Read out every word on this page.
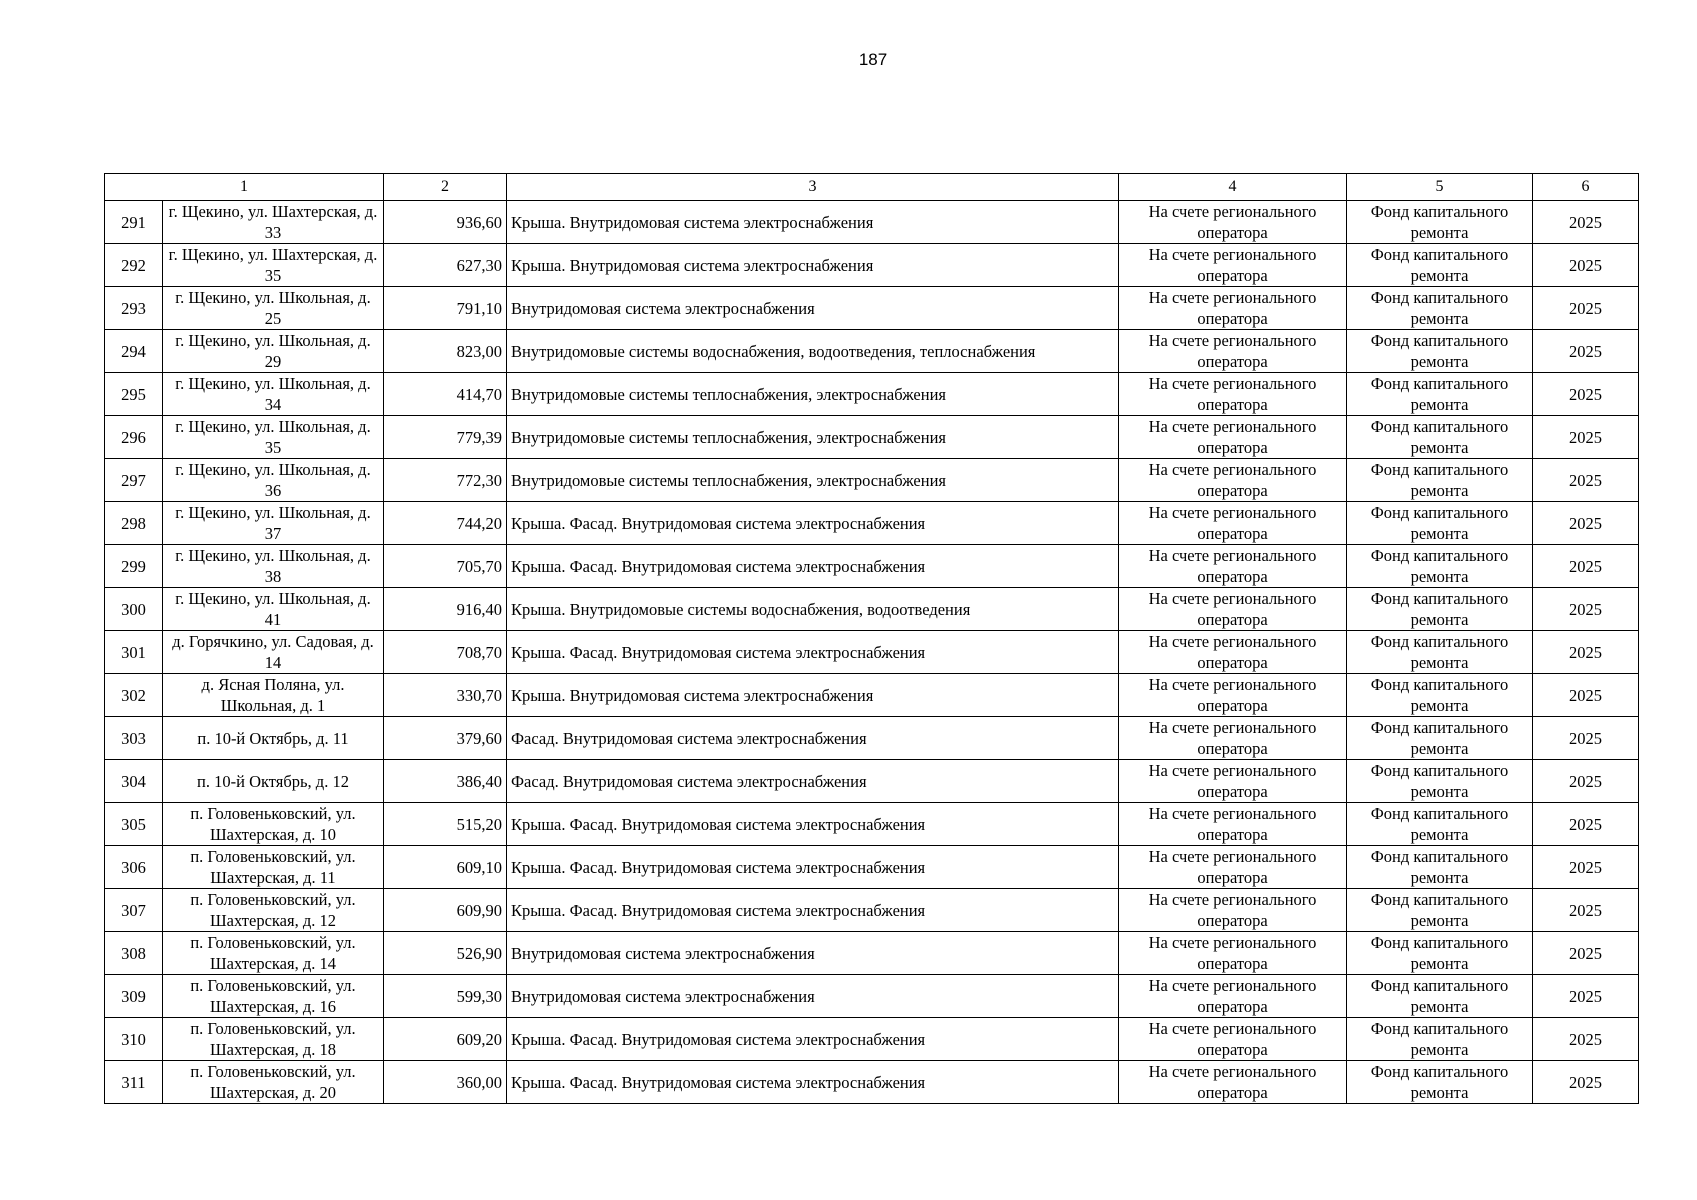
187
1		2	3	4	5	6
291	г. Щекино, ул. Шахтерская, д. 33	936,60	Крыша. Внутридомовая система электроснабжения	На счете регионального оператора	Фонд капитального ремонта	2025
292	г. Щекино, ул. Шахтерская, д. 35	627,30	Крыша. Внутридомовая система электроснабжения	На счете регионального оператора	Фонд капитального ремонта	2025
293	г. Щекино, ул. Школьная, д. 25	791,10	Внутридомовая система электроснабжения	На счете регионального оператора	Фонд капитального ремонта	2025
294	г. Щекино, ул. Школьная, д. 29	823,00	Внутридомовые системы водоснабжения, водоотведения, теплоснабжения	На счете регионального оператора	Фонд капитального ремонта	2025
295	г. Щекино, ул. Школьная, д. 34	414,70	Внутридомовые системы теплоснабжения, электроснабжения	На счете регионального оператора	Фонд капитального ремонта	2025
296	г. Щекино, ул. Школьная, д. 35	779,39	Внутридомовые системы теплоснабжения, электроснабжения	На счете регионального оператора	Фонд капитального ремонта	2025
297	г. Щекино, ул. Школьная, д. 36	772,30	Внутридомовые системы теплоснабжения, электроснабжения	На счете регионального оператора	Фонд капитального ремонта	2025
298	г. Щекино, ул. Школьная, д. 37	744,20	Крыша. Фасад. Внутридомовая система электроснабжения	На счете регионального оператора	Фонд капитального ремонта	2025
299	г. Щекино, ул. Школьная, д. 38	705,70	Крыша. Фасад. Внутридомовая система электроснабжения	На счете регионального оператора	Фонд капитального ремонта	2025
300	г. Щекино, ул. Школьная, д. 41	916,40	Крыша. Внутридомовые системы водоснабжения, водоотведения	На счете регионального оператора	Фонд капитального ремонта	2025
301	д. Горячкино, ул. Садовая, д. 14	708,70	Крыша. Фасад. Внутридомовая система электроснабжения	На счете регионального оператора	Фонд капитального ремонта	2025
302	д. Ясная Поляна, ул. Школьная, д. 1	330,70	Крыша. Внутридомовая система электроснабжения	На счете регионального оператора	Фонд капитального ремонта	2025
303	п. 10-й Октябрь, д. 11	379,60	Фасад. Внутридомовая система электроснабжения	На счете регионального оператора	Фонд капитального ремонта	2025
304	п. 10-й Октябрь, д. 12	386,40	Фасад. Внутридомовая система электроснабжения	На счете регионального оператора	Фонд капитального ремонта	2025
305	п. Головеньковский, ул. Шахтерская, д. 10	515,20	Крыша. Фасад. Внутридомовая система электроснабжения	На счете регионального оператора	Фонд капитального ремонта	2025
306	п. Головеньковский, ул. Шахтерская, д. 11	609,10	Крыша. Фасад. Внутридомовая система электроснабжения	На счете регионального оператора	Фонд капитального ремонта	2025
307	п. Головеньковский, ул. Шахтерская, д. 12	609,90	Крыша. Фасад. Внутридомовая система электроснабжения	На счете регионального оператора	Фонд капитального ремонта	2025
308	п. Головеньковский, ул. Шахтерская, д. 14	526,90	Внутридомовая система электроснабжения	На счете регионального оператора	Фонд капитального ремонта	2025
309	п. Головеньковский, ул. Шахтерская, д. 16	599,30	Внутридомовая система электроснабжения	На счете регионального оператора	Фонд капитального ремонта	2025
310	п. Головеньковский, ул. Шахтерская, д. 18	609,20	Крыша. Фасад. Внутридомовая система электроснабжения	На счете регионального оператора	Фонд капитального ремонта	2025
311	п. Головеньковский, ул. Шахтерская, д. 20	360,00	Крыша. Фасад. Внутридомовая система электроснабжения	На счете регионального оператора	Фонд капитального ремонта	2025
